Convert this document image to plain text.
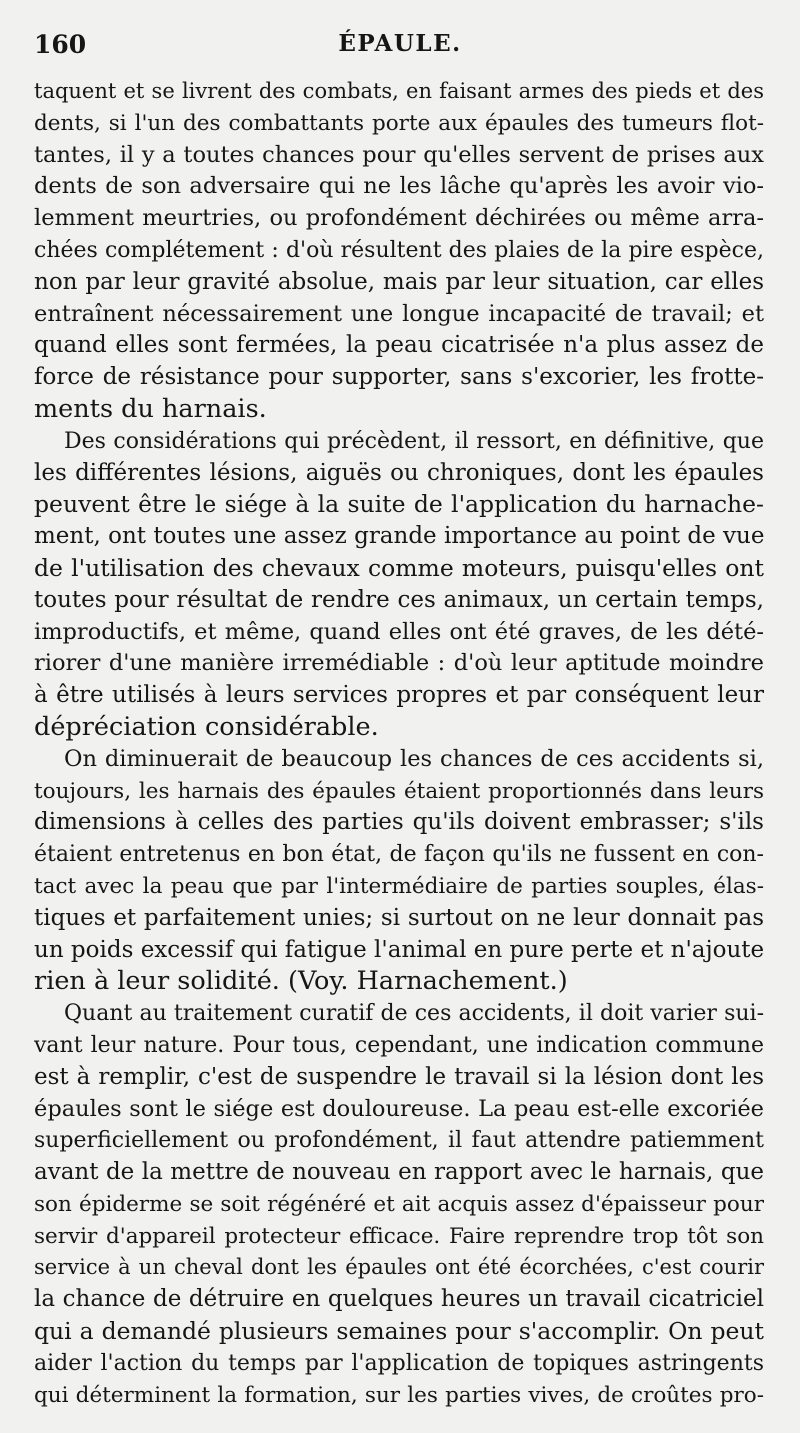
160	ÉPAULE.
taquent et se livrent des combats, en faisant armes des pieds et des
dents, si l'un des combattants porte aux épaules des tumeurs flot-
tantes, il y a toutes chances pour qu'elles servent de prises aux
dents de son adversaire qui ne les lâche qu'après les avoir vio-
lemment meurtries, ou profondément déchirées ou même arra-
chées complétement : d'où résultent des plaies de la pire espèce,
non par leur gravité absolue, mais par leur situation, car elles
entraînent nécessairement une longue incapacité de travail; et
quand elles sont fermées, la peau cicatrisée n'a plus assez de
force de résistance pour supporter, sans s'excorier, les frotte-
ments du harnais.
Des considérations qui précèdent, il ressort, en définitive, que
les différentes lésions, aiguës ou chroniques, dont les épaules
peuvent être le siége à la suite de l'application du harnache-
ment, ont toutes une assez grande importance au point de vue
de l'utilisation des chevaux comme moteurs, puisqu'elles ont
toutes pour résultat de rendre ces animaux, un certain temps,
improductifs, et même, quand elles ont été graves, de les dété-
riorer d'une manière irremédiable : d'où leur aptitude moindre
à être utilisés à leurs services propres et par conséquent leur
dépréciation considérable.
On diminuerait de beaucoup les chances de ces accidents si,
toujours, les harnais des épaules étaient proportionnés dans leurs
dimensions à celles des parties qu'ils doivent embrasser; s'ils
étaient entretenus en bon état, de façon qu'ils ne fussent en con-
tact avec la peau que par l'intermédiaire de parties souples, élas-
tiques et parfaitement unies; si surtout on ne leur donnait pas
un poids excessif qui fatigue l'animal en pure perte et n'ajoute
rien à leur solidité. (Voy. Harnachement.)
Quant au traitement curatif de ces accidents, il doit varier sui-
vant leur nature. Pour tous, cependant, une indication commune
est à remplir, c'est de suspendre le travail si la lésion dont les
épaules sont le siége est douloureuse. La peau est-elle excoriée
superficiellement ou profondément, il faut attendre patiemment
avant de la mettre de nouveau en rapport avec le harnais, que
son épiderme se soit régénéré et ait acquis assez d'épaisseur pour
servir d'appareil protecteur efficace. Faire reprendre trop tôt son
service à un cheval dont les épaules ont été écorchées, c'est courir
la chance de détruire en quelques heures un travail cicatriciel
qui a demandé plusieurs semaines pour s'accomplir. On peut
aider l'action du temps par l'application de topiques astringents
qui déterminent la formation, sur les parties vives, de croûtes pro-
